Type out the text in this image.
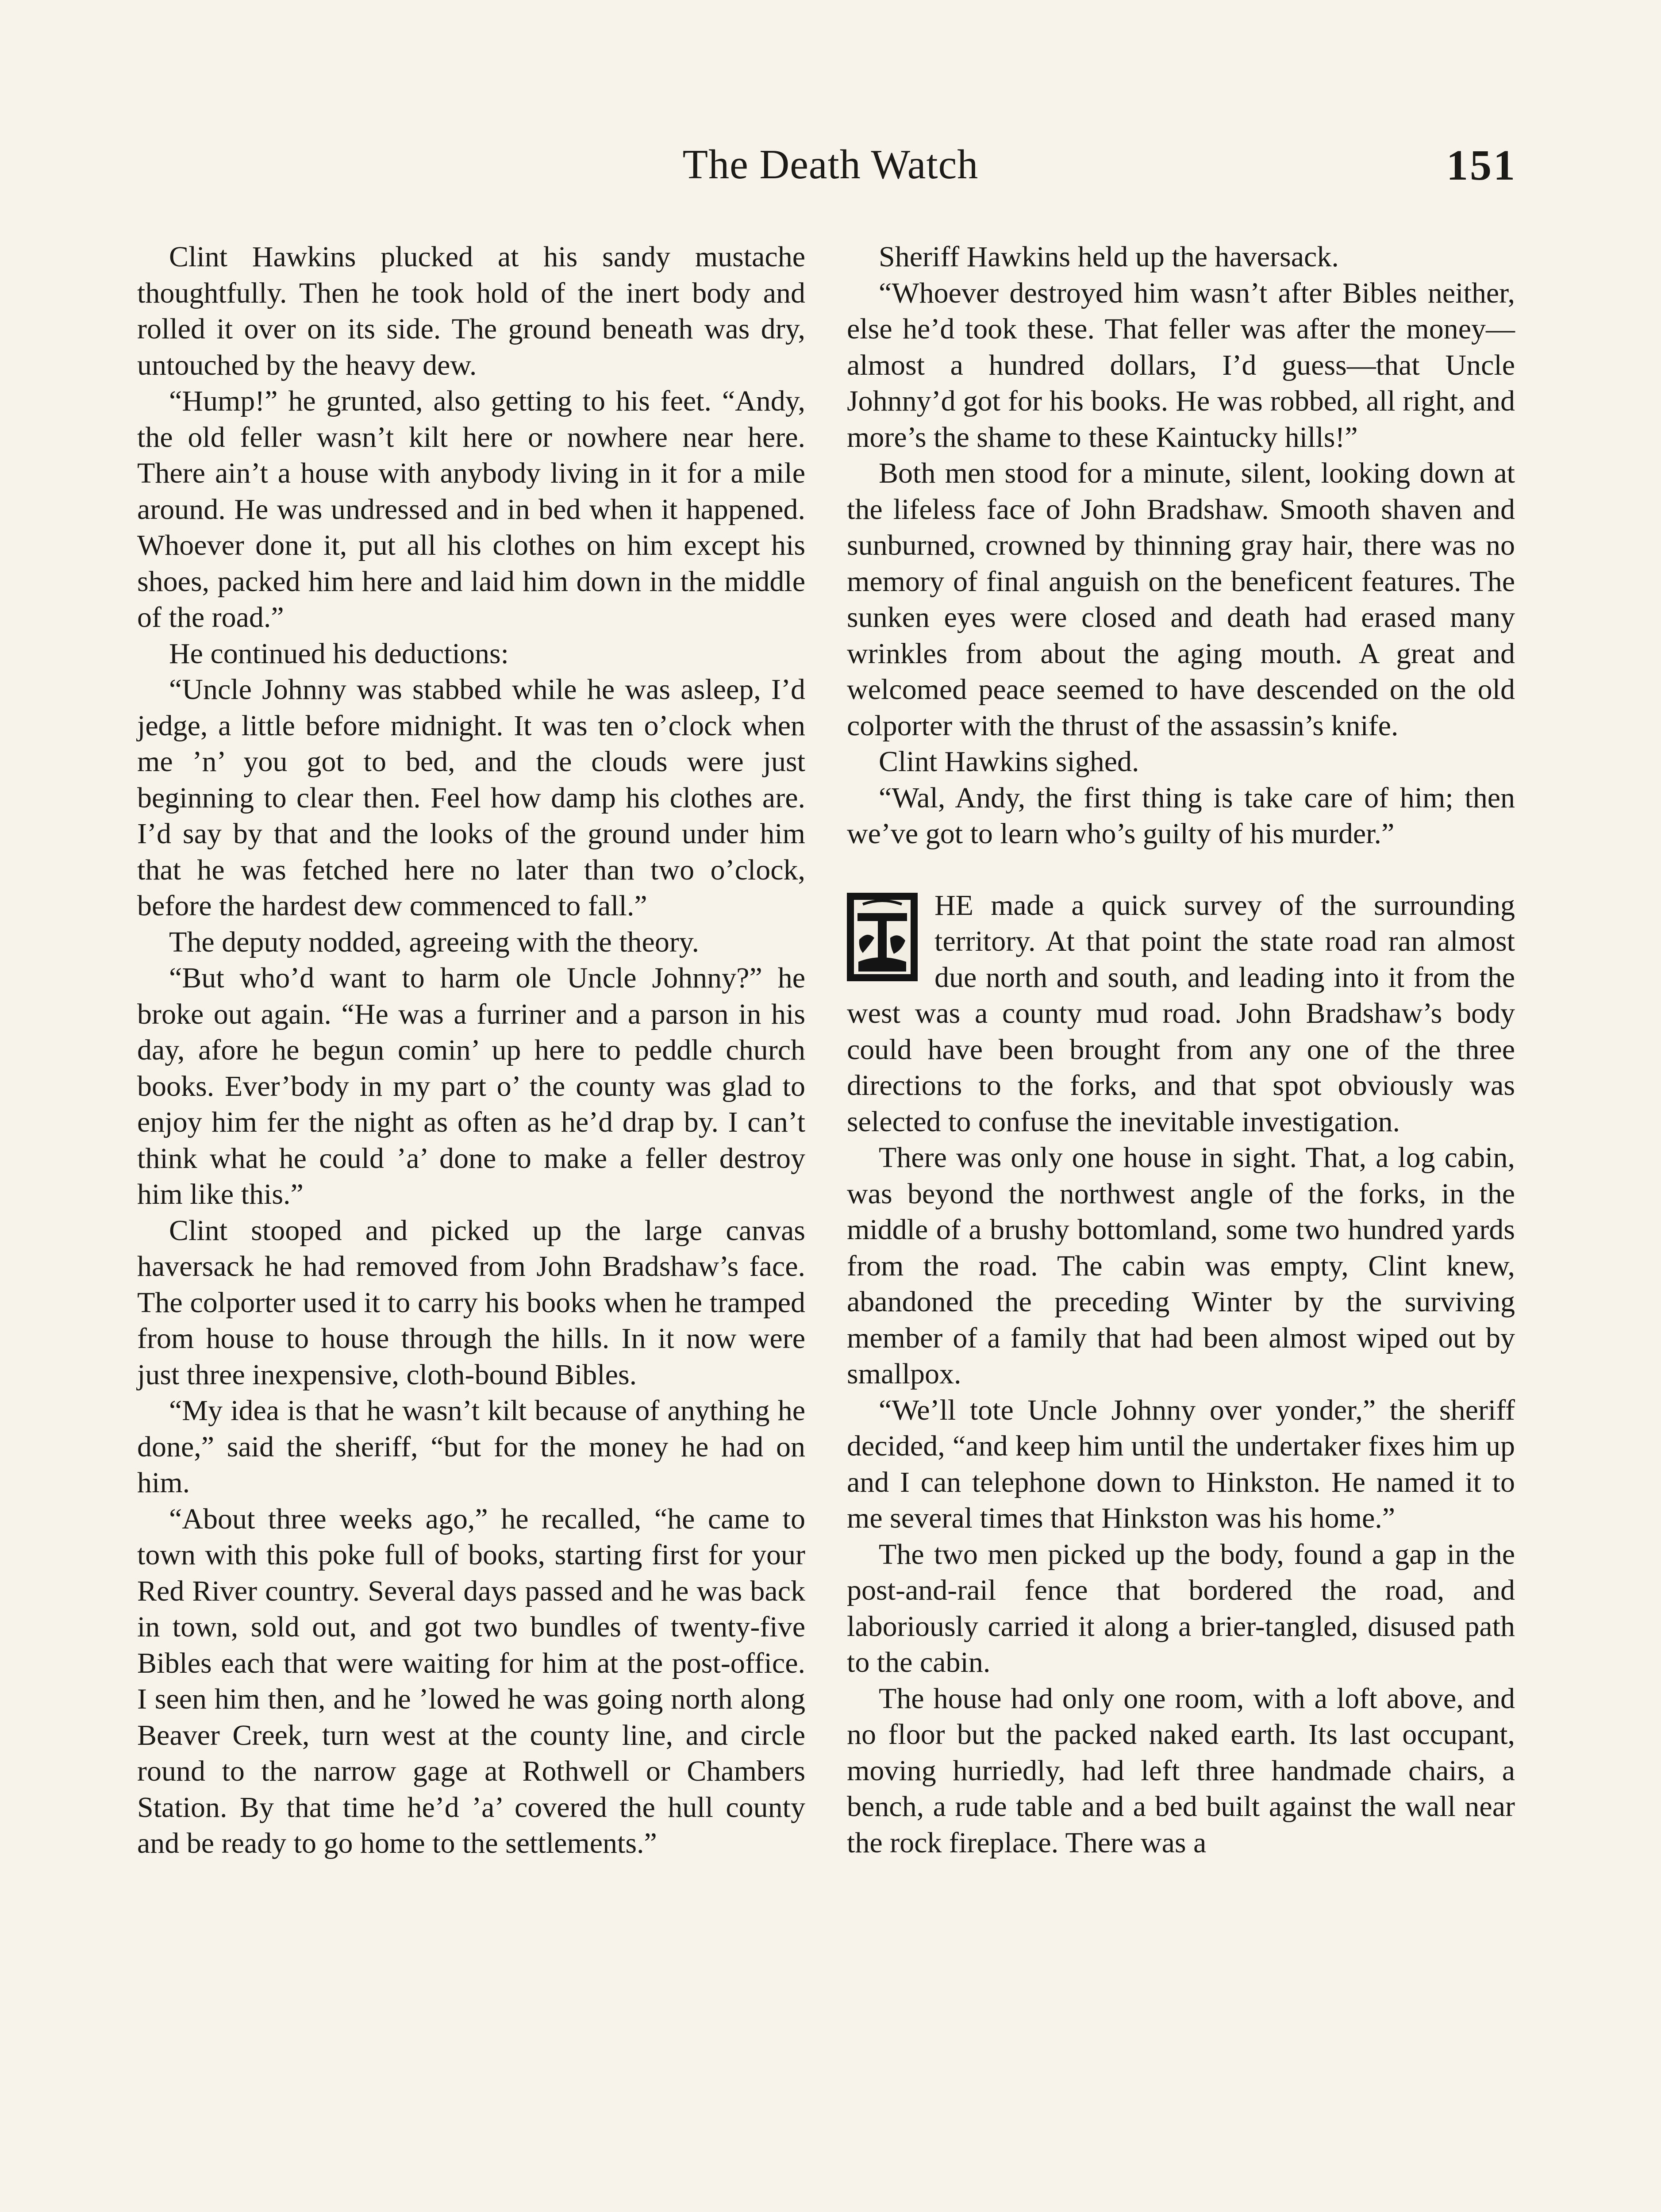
The Death Watch	151

Clint Hawkins plucked at his sandy mustache thoughtfully. Then he took hold of the inert body and rolled it over on its side. The ground beneath was dry, untouched by the heavy dew.

“Hump!” he grunted, also getting to his feet. “Andy, the old feller wasn’t kilt here or nowhere near here. There ain’t a house with anybody living in it for a mile around. He was undressed and in bed when it happened. Whoever done it, put all his clothes on him except his shoes, packed him here and laid him down in the middle of the road.”

He continued his deductions:

“Uncle Johnny was stabbed while he was asleep, I’d jedge, a little before midnight. It was ten o’clock when me ’n’ you got to bed, and the clouds were just beginning to clear then. Feel how damp his clothes are. I’d say by that and the looks of the ground under him that he was fetched here no later than two o’clock, before the hardest dew commenced to fall.”

The deputy nodded, agreeing with the theory.

“But who’d want to harm ole Uncle Johnny?” he broke out again. “He was a furriner and a parson in his day, afore he begun comin’ up here to peddle church books. Ever’body in my part o’ the county was glad to enjoy him fer the night as often as he’d drap by. I can’t think what he could ’a’ done to make a feller destroy him like this.”

Clint stooped and picked up the large canvas haversack he had removed from John Bradshaw’s face. The colporter used it to carry his books when he tramped from house to house through the hills. In it now were just three inexpensive, cloth-bound Bibles.

“My idea is that he wasn’t kilt because of anything he done,” said the sheriff, “but for the money he had on him.

“About three weeks ago,” he recalled, “he came to town with this poke full of books, starting first for your Red River country. Several days passed and he was back in town, sold out, and got two bundles of twenty-five Bibles each that were waiting for him at the post-office. I seen him then, and he ’lowed he was going north along Beaver Creek, turn west at the county line, and circle round to the narrow gage at Rothwell or Chambers Station. By that time he’d ’a’ covered the hull county and be ready to go home to the settlements.”

Sheriff Hawkins held up the haversack.

“Whoever destroyed him wasn’t after Bibles neither, else he’d took these. That feller was after the money—almost a hundred dollars, I’d guess—that Uncle Johnny’d got for his books. He was robbed, all right, and more’s the shame to these Kaintucky hills!”

Both men stood for a minute, silent, looking down at the lifeless face of John Bradshaw. Smooth shaven and sunburned, crowned by thinning gray hair, there was no memory of final anguish on the beneficent features. The sunken eyes were closed and death had erased many wrinkles from about the aging mouth. A great and welcomed peace seemed to have descended on the old colporter with the thrust of the assassin’s knife.

Clint Hawkins sighed.

“Wal, Andy, the first thing is take care of him; then we’ve got to learn who’s guilty of his murder.”

HE made a quick survey of the surrounding territory. At that point the state road ran almost due north and south, and leading into it from the west was a county mud road. John Bradshaw’s body could have been brought from any one of the three directions to the forks, and that spot obviously was selected to confuse the inevitable investigation.

There was only one house in sight. That, a log cabin, was beyond the northwest angle of the forks, in the middle of a brushy bottomland, some two hundred yards from the road. The cabin was empty, Clint knew, abandoned the preceding Winter by the surviving member of a family that had been almost wiped out by smallpox.

“We’ll tote Uncle Johnny over yonder,” the sheriff decided, “and keep him until the undertaker fixes him up and I can telephone down to Hinkston. He named it to me several times that Hinkston was his home.”

The two men picked up the body, found a gap in the post-and-rail fence that bordered the road, and laboriously carried it along a brier-tangled, disused path to the cabin.

The house had only one room, with a loft above, and no floor but the packed naked earth. Its last occupant, moving hurriedly, had left three handmade chairs, a bench, a rude table and a bed built against the wall near the rock fireplace. There was a
